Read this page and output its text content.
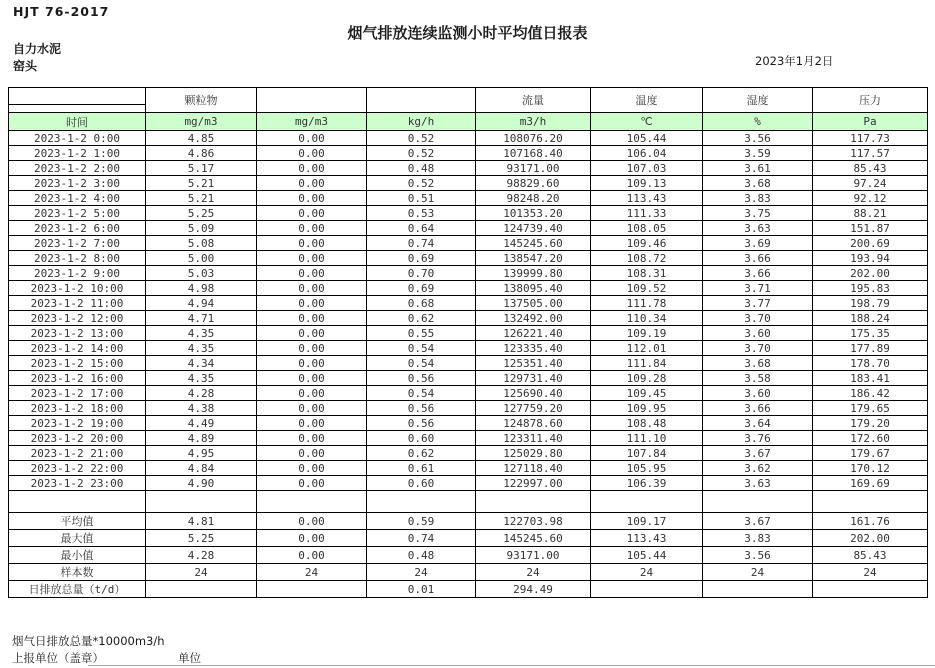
HJT 76-2017
烟气排放连续监测小时平均值日报表
自力水泥
窑头	2023年1月2日
	颗粒物			流量	温度	湿度	压力

时间	mg/m3	mg/m3	kg/h	m3/h	℃	%	Pa
2023-1-2 0:00	4.85	0.00	0.52	108076.20	105.44	3.56	117.73
2023-1-2 1:00	4.86	0.00	0.52	107168.40	106.04	3.59	117.57
2023-1-2 2:00	5.17	0.00	0.48	93171.00	107.03	3.61	85.43
2023-1-2 3:00	5.21	0.00	0.52	98829.60	109.13	3.68	97.24
2023-1-2 4:00	5.21	0.00	0.51	98248.20	113.43	3.83	92.12
2023-1-2 5:00	5.25	0.00	0.53	101353.20	111.33	3.75	88.21
2023-1-2 6:00	5.09	0.00	0.64	124739.40	108.05	3.63	151.87
2023-1-2 7:00	5.08	0.00	0.74	145245.60	109.46	3.69	200.69
2023-1-2 8:00	5.00	0.00	0.69	138547.20	108.72	3.66	193.94
2023-1-2 9:00	5.03	0.00	0.70	139999.80	108.31	3.66	202.00
2023-1-2 10:00	4.98	0.00	0.69	138095.40	109.52	3.71	195.83
2023-1-2 11:00	4.94	0.00	0.68	137505.00	111.78	3.77	198.79
2023-1-2 12:00	4.71	0.00	0.62	132492.00	110.34	3.70	188.24
2023-1-2 13:00	4.35	0.00	0.55	126221.40	109.19	3.60	175.35
2023-1-2 14:00	4.35	0.00	0.54	123335.40	112.01	3.70	177.89
2023-1-2 15:00	4.34	0.00	0.54	125351.40	111.84	3.68	178.70
2023-1-2 16:00	4.35	0.00	0.56	129731.40	109.28	3.58	183.41
2023-1-2 17:00	4.28	0.00	0.54	125690.40	109.45	3.60	186.42
2023-1-2 18:00	4.38	0.00	0.56	127759.20	109.95	3.66	179.65
2023-1-2 19:00	4.49	0.00	0.56	124878.60	108.48	3.64	179.20
2023-1-2 20:00	4.89	0.00	0.60	123311.40	111.10	3.76	172.60
2023-1-2 21:00	4.95	0.00	0.62	125029.80	107.84	3.67	179.67
2023-1-2 22:00	4.84	0.00	0.61	127118.40	105.95	3.62	170.12
2023-1-2 23:00	4.90	0.00	0.60	122997.00	106.39	3.63	169.69

平均值	4.81	0.00	0.59	122703.98	109.17	3.67	161.76
最大值	5.25	0.00	0.74	145245.60	113.43	3.83	202.00
最小值	4.28	0.00	0.48	93171.00	105.44	3.56	85.43
样本数	24	24	24	24	24	24	24
日排放总量（t/d）			0.01	294.49			
烟气日排放总量*10000m3/h
上报单位（盖章）	单位
